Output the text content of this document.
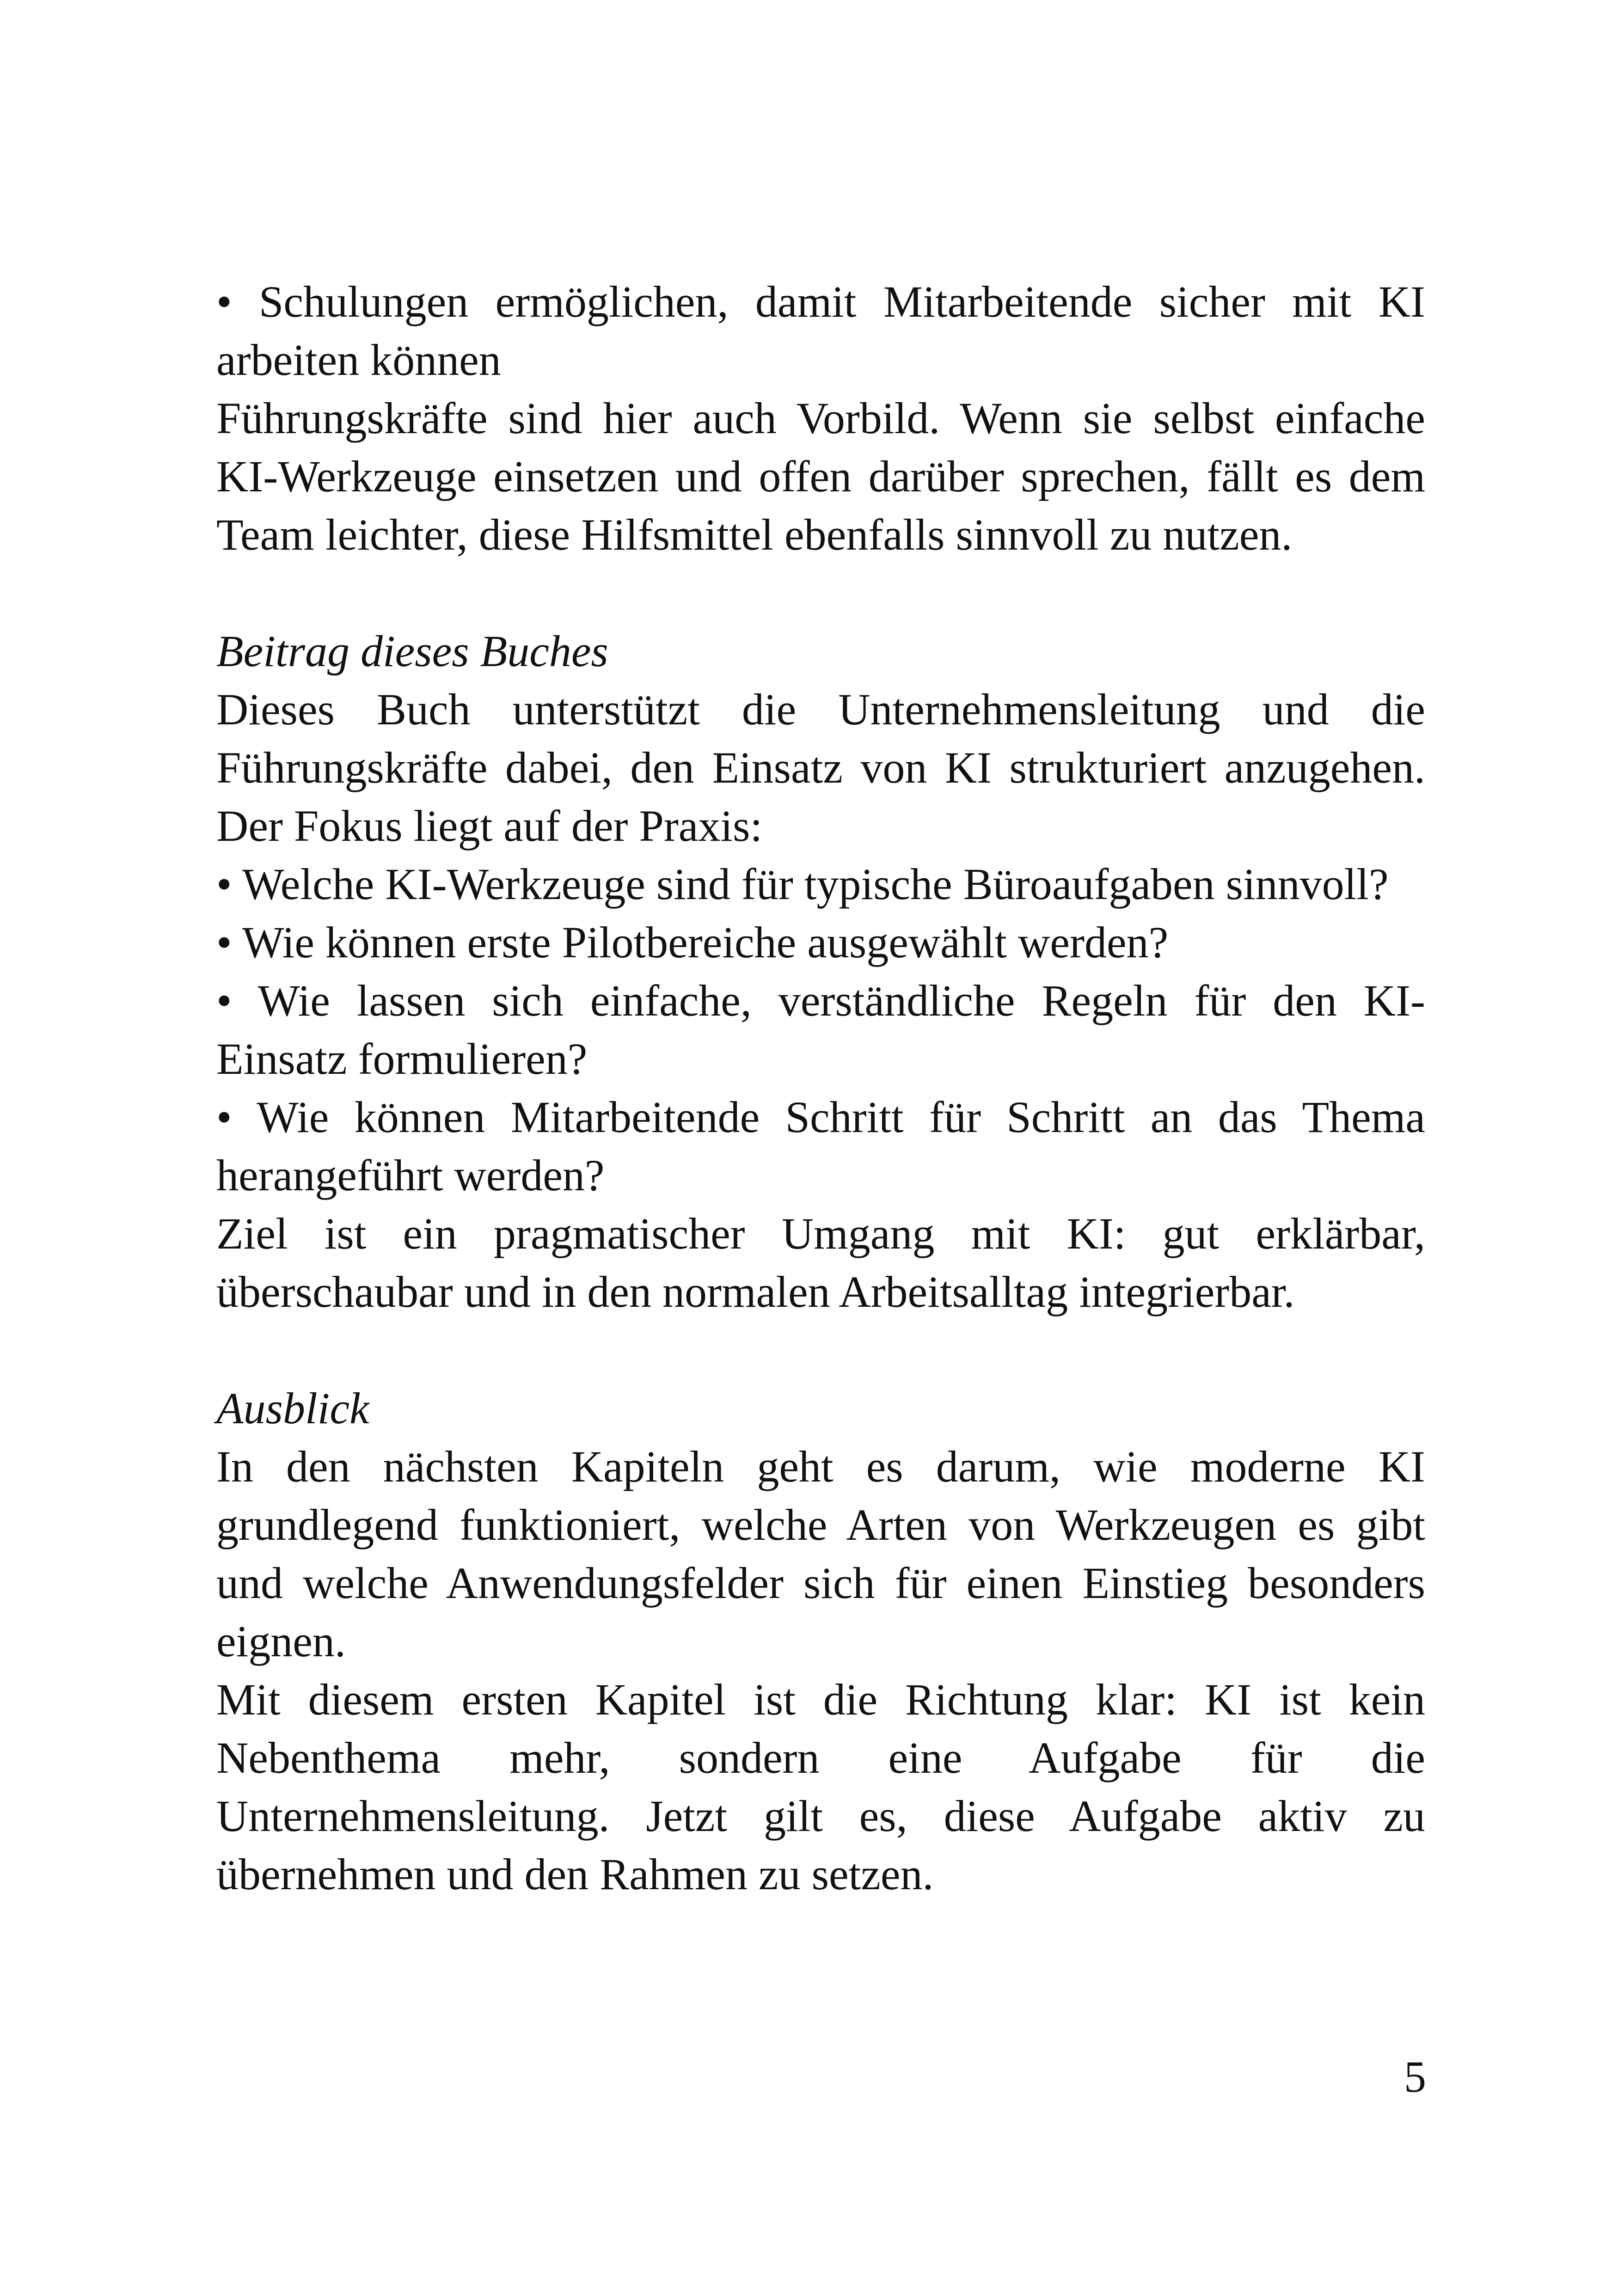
• Schulungen ermöglichen, damit Mitarbeitende sicher mit KI
arbeiten können
Führungskräfte sind hier auch Vorbild. Wenn sie selbst einfache
KI-Werkzeuge einsetzen und offen darüber sprechen, fällt es dem
Team leichter, diese Hilfsmittel ebenfalls sinnvoll zu nutzen.
Beitrag dieses Buches
Dieses Buch unterstützt die Unternehmensleitung und die
Führungskräfte dabei, den Einsatz von KI strukturiert anzugehen.
Der Fokus liegt auf der Praxis:
• Welche KI-Werkzeuge sind für typische Büroaufgaben sinnvoll?
• Wie können erste Pilotbereiche ausgewählt werden?
• Wie lassen sich einfache, verständliche Regeln für den KI-
Einsatz formulieren?
• Wie können Mitarbeitende Schritt für Schritt an das Thema
herangeführt werden?
Ziel ist ein pragmatischer Umgang mit KI: gut erklärbar,
überschaubar und in den normalen Arbeitsalltag integrierbar.
Ausblick
In den nächsten Kapiteln geht es darum, wie moderne KI
grundlegend funktioniert, welche Arten von Werkzeugen es gibt
und welche Anwendungsfelder sich für einen Einstieg besonders
eignen.
Mit diesem ersten Kapitel ist die Richtung klar: KI ist kein
Nebenthema mehr, sondern eine Aufgabe für die
Unternehmensleitung. Jetzt gilt es, diese Aufgabe aktiv zu
übernehmen und den Rahmen zu setzen.
5
